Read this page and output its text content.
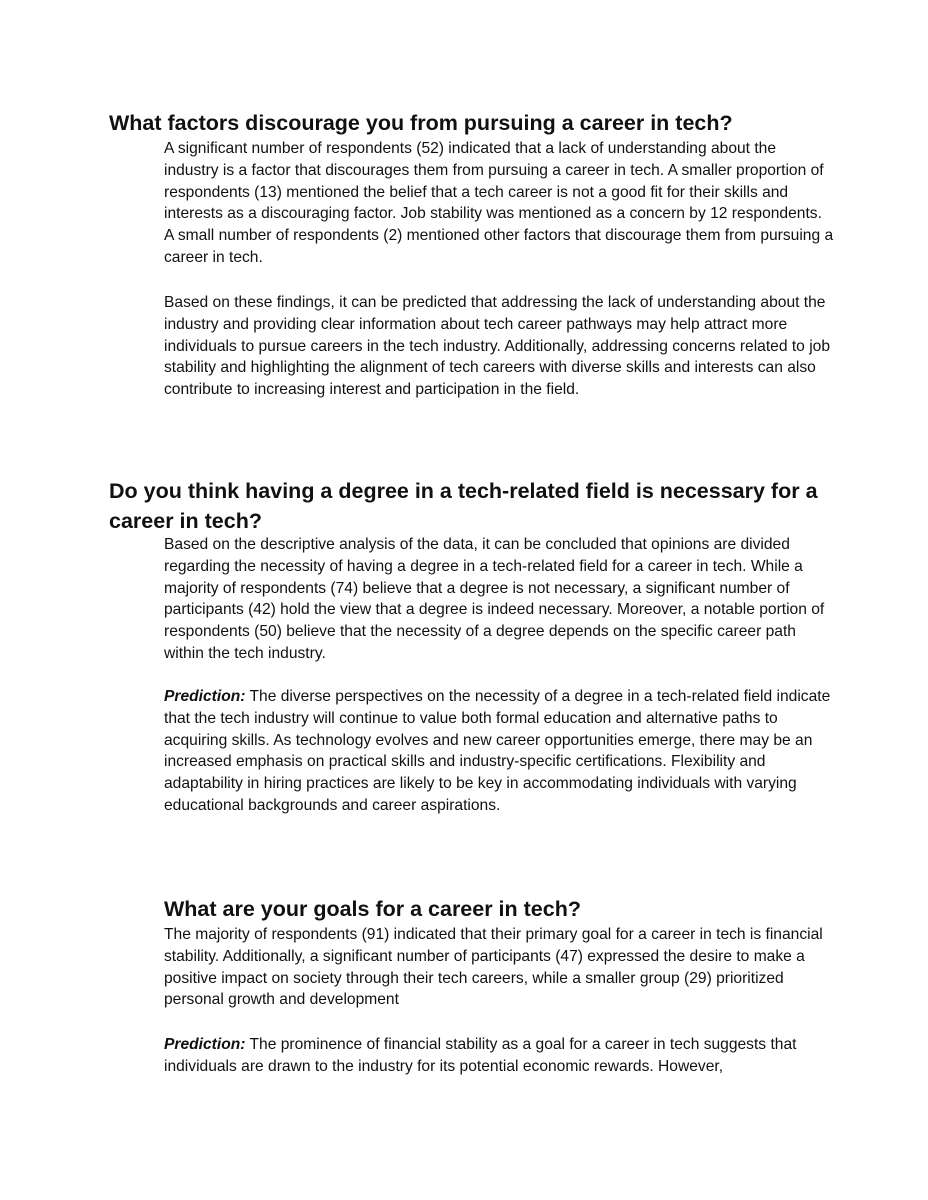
What factors discourage you from pursuing a career in tech?

A significant number of respondents (52) indicated that a lack of understanding about the industry is a factor that discourages them from pursuing a career in tech. A smaller proportion of respondents (13) mentioned the belief that a tech career is not a good fit for their skills and interests as a discouraging factor. Job stability was mentioned as a concern by 12 respondents. A small number of respondents (2) mentioned other factors that discourage them from pursuing a career in tech.

Based on these findings, it can be predicted that addressing the lack of understanding about the industry and providing clear information about tech career pathways may help attract more individuals to pursue careers in the tech industry. Additionally, addressing concerns related to job stability and highlighting the alignment of tech careers with diverse skills and interests can also contribute to increasing interest and participation in the field.

Do you think having a degree in a tech-related field is necessary for a career in tech?

Based on the descriptive analysis of the data, it can be concluded that opinions are divided regarding the necessity of having a degree in a tech-related field for a career in tech. While a majority of respondents (74) believe that a degree is not necessary, a significant number of participants (42) hold the view that a degree is indeed necessary. Moreover, a notable portion of respondents (50) believe that the necessity of a degree depends on the specific career path within the tech industry.

Prediction: The diverse perspectives on the necessity of a degree in a tech-related field indicate that the tech industry will continue to value both formal education and alternative paths to acquiring skills. As technology evolves and new career opportunities emerge, there may be an increased emphasis on practical skills and industry-specific certifications. Flexibility and adaptability in hiring practices are likely to be key in accommodating individuals with varying educational backgrounds and career aspirations.

What are your goals for a career in tech?

The majority of respondents (91) indicated that their primary goal for a career in tech is financial stability. Additionally, a significant number of participants (47) expressed the desire to make a positive impact on society through their tech careers, while a smaller group (29) prioritized personal growth and development

Prediction: The prominence of financial stability as a goal for a career in tech suggests that individuals are drawn to the industry for its potential economic rewards. However,
